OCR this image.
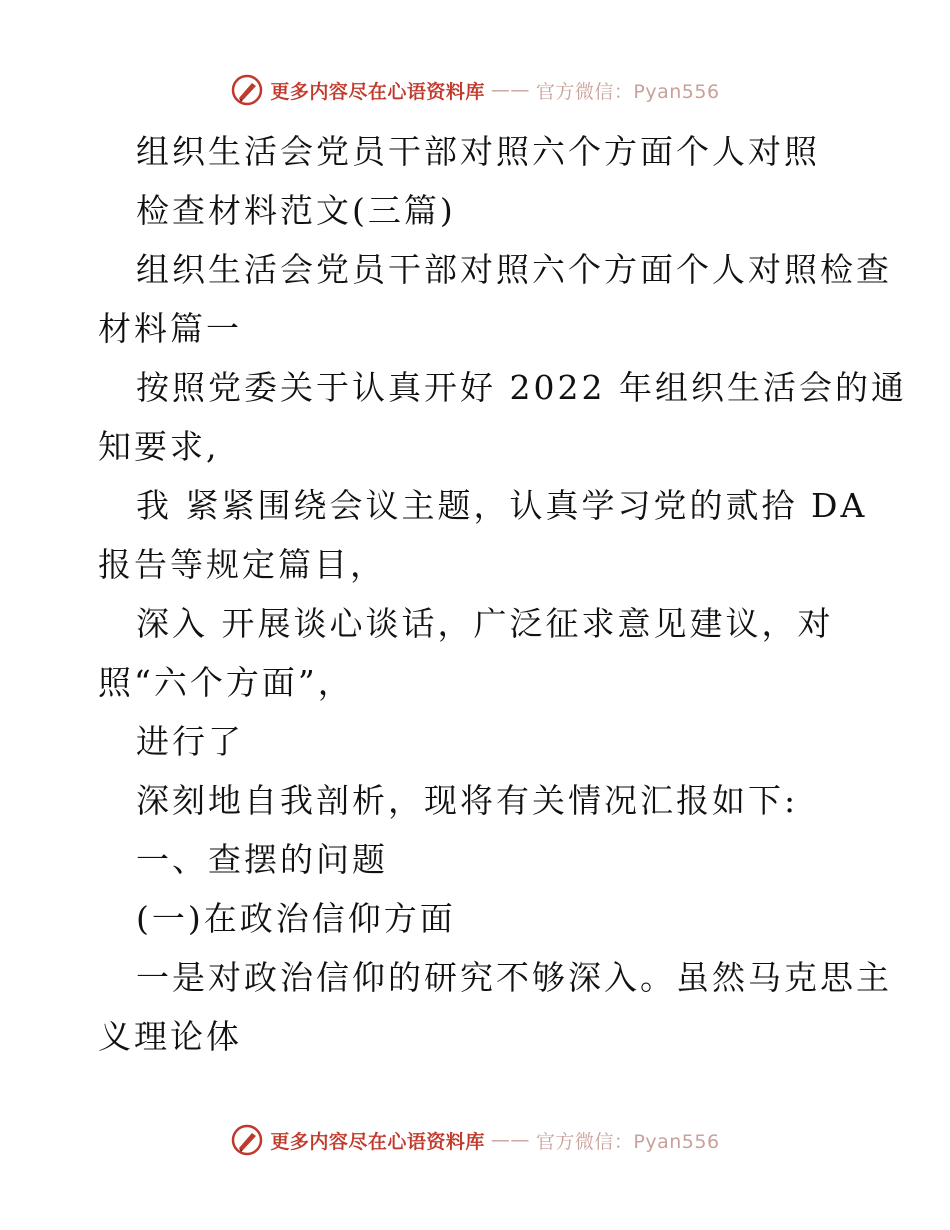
更多内容尽在心语资料库 —— 官方微信：Pyan556
组织生活会党员干部对照六个方面个人对照
检查材料范文(三篇)
组织生活会党员干部对照六个方面个人对照检查
材料篇一
按照党委关于认真开好 2022 年组织生活会的通
知要求,
我 紧紧围绕会议主题，认真学习党的贰拾 DA
报告等规定篇目，
深入 开展谈心谈话，广泛征求意见建议，对
照“六个方面”，
进行了
深刻地自我剖析，现将有关情况汇报如下:
一、查摆的问题
(一)在政治信仰方面
一是对政治信仰的研究不够深入。虽然马克思主
义理论体
更多内容尽在心语资料库 —— 官方微信：Pyan556
